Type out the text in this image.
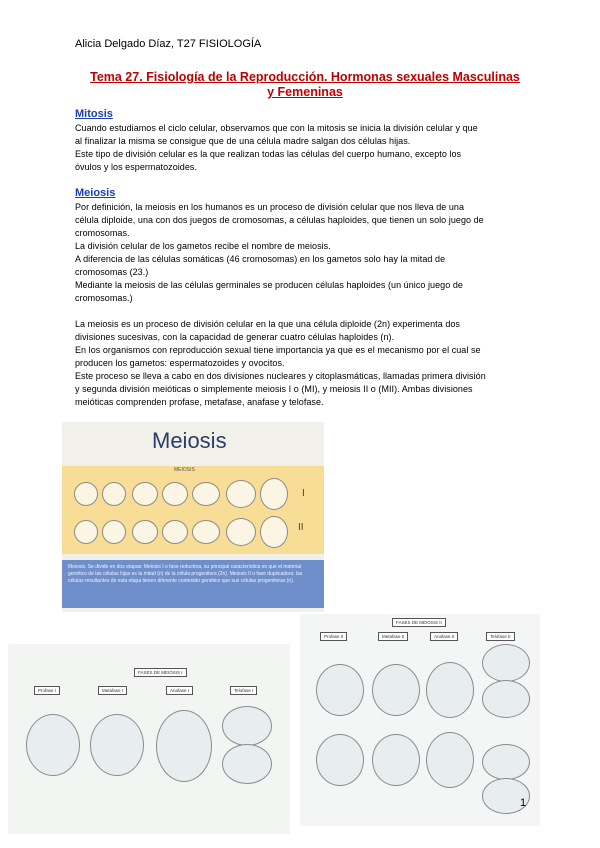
Alicia Delgado Díaz, T27 FISIOLOGÍA
Tema 27. Fisiología de la Reproducción. Hormonas sexuales Masculinas
y Femeninas
Mitosis
Cuando estudiamos el ciclo celular, observamos que con la mitosis se inicia la división celular y que
al finalizar la misma se consigue que de una célula madre salgan dos células hijas.
Este tipo de división celular es la que realizan todas las células del cuerpo humano, excepto los
óvulos y los espermatozoides.
Meiosis
Por definición, la meiosis en los humanos es un proceso de división celular que nos lleva de una
célula diploide, una con dos juegos de cromosomas, a células haploides, que tienen un solo juego de
cromosomas.
La división celular de los gametos recibe el nombre de meiosis.
A diferencia de las células somáticas (46 cromosomas) en los gametos solo hay la mitad de
cromosomas (23.)
Mediante la meiosis de las células germinales se producen células haploides (un único juego de
cromosomas.)
La meiosis es un proceso de división celular en la que una célula diploide (2n) experimenta dos
divisiones sucesivas, con la capacidad de generar cuatro células haploides (n).
En los organismos con reproducción sexual tiene importancia ya que es el mecanismo por el cual se
producen los gametos: espermatozoides y ovocitos.
Este proceso se lleva a cabo en dos divisiones nucleares y citoplasmáticas, llamadas primera división
y segunda división meióticas o simplemente meiosis I o (MI), y meiosis II o (MII). Ambas divisiones
meióticas comprenden profase, metafase, anafase y telofase.
Meiosis
MEIOSIS
I
II
Meiosis. Se divide en dos etapas: Meiosis I o fase reductora, su principal característica es que el material genético de las células hijas es la mitad (n) de la célula progenitora (2n). Meiosis II o fase duplicadora: las células resultantes de esta etapa tienen diferente contenido genético que sus células progenitoras (n).
FASES DE MEIOSIS I
Profase I	Metafase I	Anafase I	Telofase I
FASES DE MEIOSIS II
Profase II	Metafase II	Anafase II	Telofase II
1
